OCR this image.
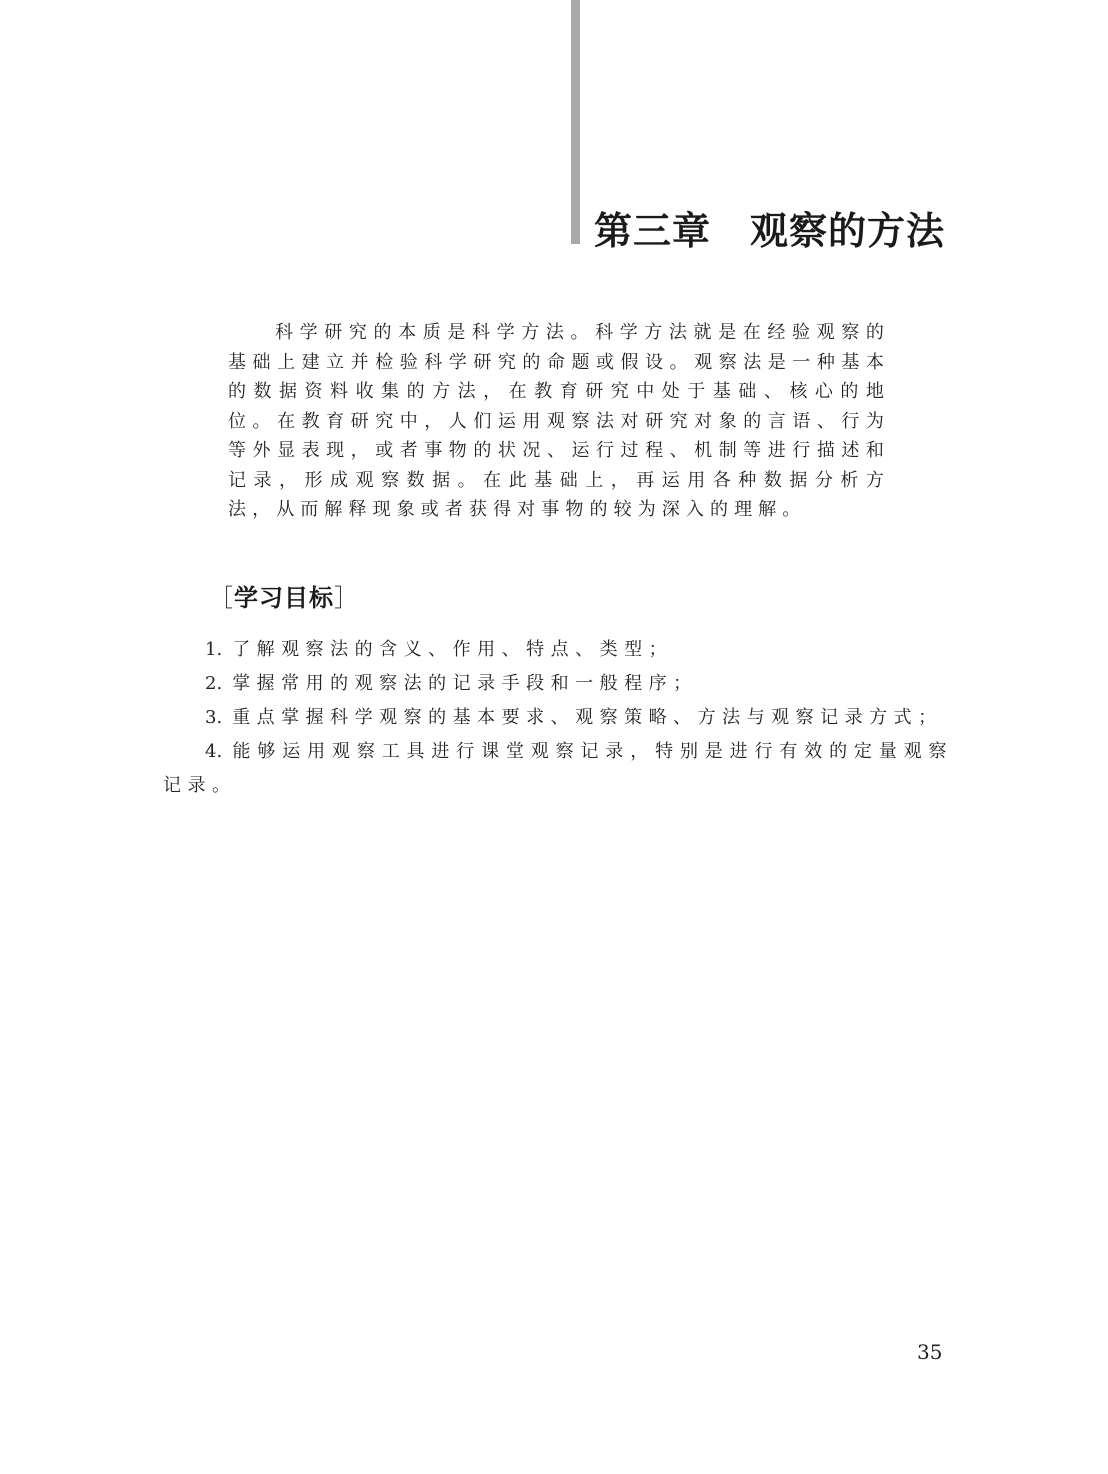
第三章　观察的方法

科学研究的本质是科学方法。科学方法就是在经验观察的基础上建立并检验科学研究的命题或假设。观察法是一种基本的数据资料收集的方法，在教育研究中处于基础、核心的地位。在教育研究中，人们运用观察法对研究对象的言语、行为等外显表现，或者事物的状况、运行过程、机制等进行描述和记录，形成观察数据。在此基础上，再运用各种数据分析方法，从而解释现象或者获得对事物的较为深入的理解。

［学习目标］
1. 了解观察法的含义、作用、特点、类型；
2. 掌握常用的观察法的记录手段和一般程序；
3. 重点掌握科学观察的基本要求、观察策略、方法与观察记录方式；
4. 能够运用观察工具进行课堂观察记录，特别是进行有效的定量观察记录。
35
